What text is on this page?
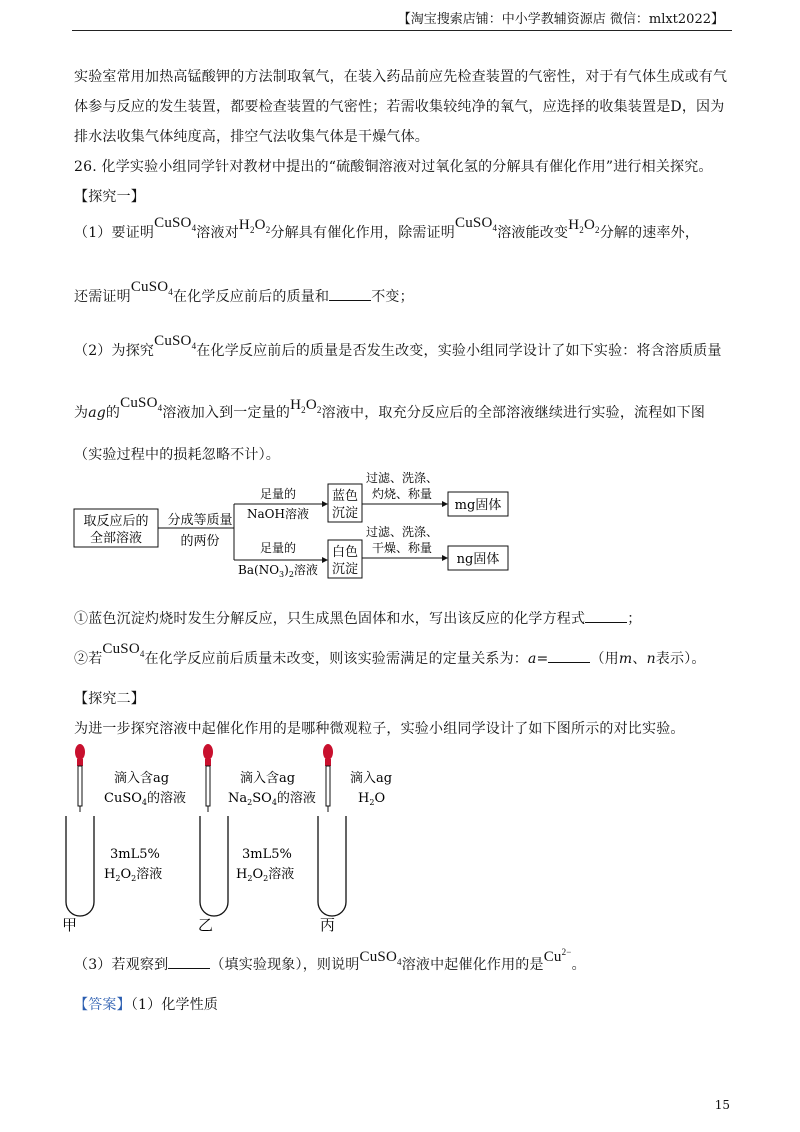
【淘宝搜索店铺：中小学教辅资源店 微信：mlxt2022】
实验室常用加热高锰酸钾的方法制取氧气，在装入药品前应先检查装置的气密性，对于有气体生成或有气
体参与反应的发生装置，都要检查装置的气密性；若需收集较纯净的氧气，应选择的收集装置是D，因为
排水法收集气体纯度高，排空气法收集气体是干燥气体。
26. 化学实验小组同学针对教材中提出的“硫酸铜溶液对过氧化氢的分解具有催化作用”进行相关探究。
【探究一】
（1）要证明CuSO$_4$溶液对$H_2O_2$分解具有催化作用，除需证明CuSO$_4$溶液能改变$H_2O_2$分解的速率外，
还需证明CuSO$_4$在化学反应前后的质量和	不变；
（2）为探究CuSO$_4$在化学反应前后的质量是否发生改变，实验小组同学设计了如下实验：将含溶质质量
为ag的CuSO$_4$溶液加入到一定量的$H_2O_2$溶液中，取充分反应后的全部溶液继续进行实验，流程如下图
（实验过程中的损耗忽略不计）。
取反应后的
全部溶液
分成等质量
的两份
足量的
NaOH溶液
蓝色
沉淀
过滤、洗涤、
灼烧、称量
mg固体
足量的
$Ba(NO_3)_2$溶液
白色
沉淀
过滤、洗涤、
干燥、称量
ng固体
①蓝色沉淀灼烧时发生分解反应，只生成黑色固体和水，写出该反应的化学方程式	；
②若CuSO$_4$在化学反应前后质量未改变，则该实验需满足的定量关系为：a=	（用m、n表示）。
【探究二】
为进一步探究溶液中起催化作用的是哪种微观粒子，实验小组同学设计了如下图所示的对比实验。
滴入含ag
CuSO$_4$的溶液
3mL5%
$H_2O_2$溶液
甲
滴入含ag
$Na_2SO_4$的溶液
3mL5%
$H_2O_2$溶液
乙
滴入ag
$H_2O$
丙
（3）若观察到	（填实验现象），则说明CuSO$_4$溶液中起催化作用的是$Cu^{2-}$。
【答案】（1）化学性质
15
